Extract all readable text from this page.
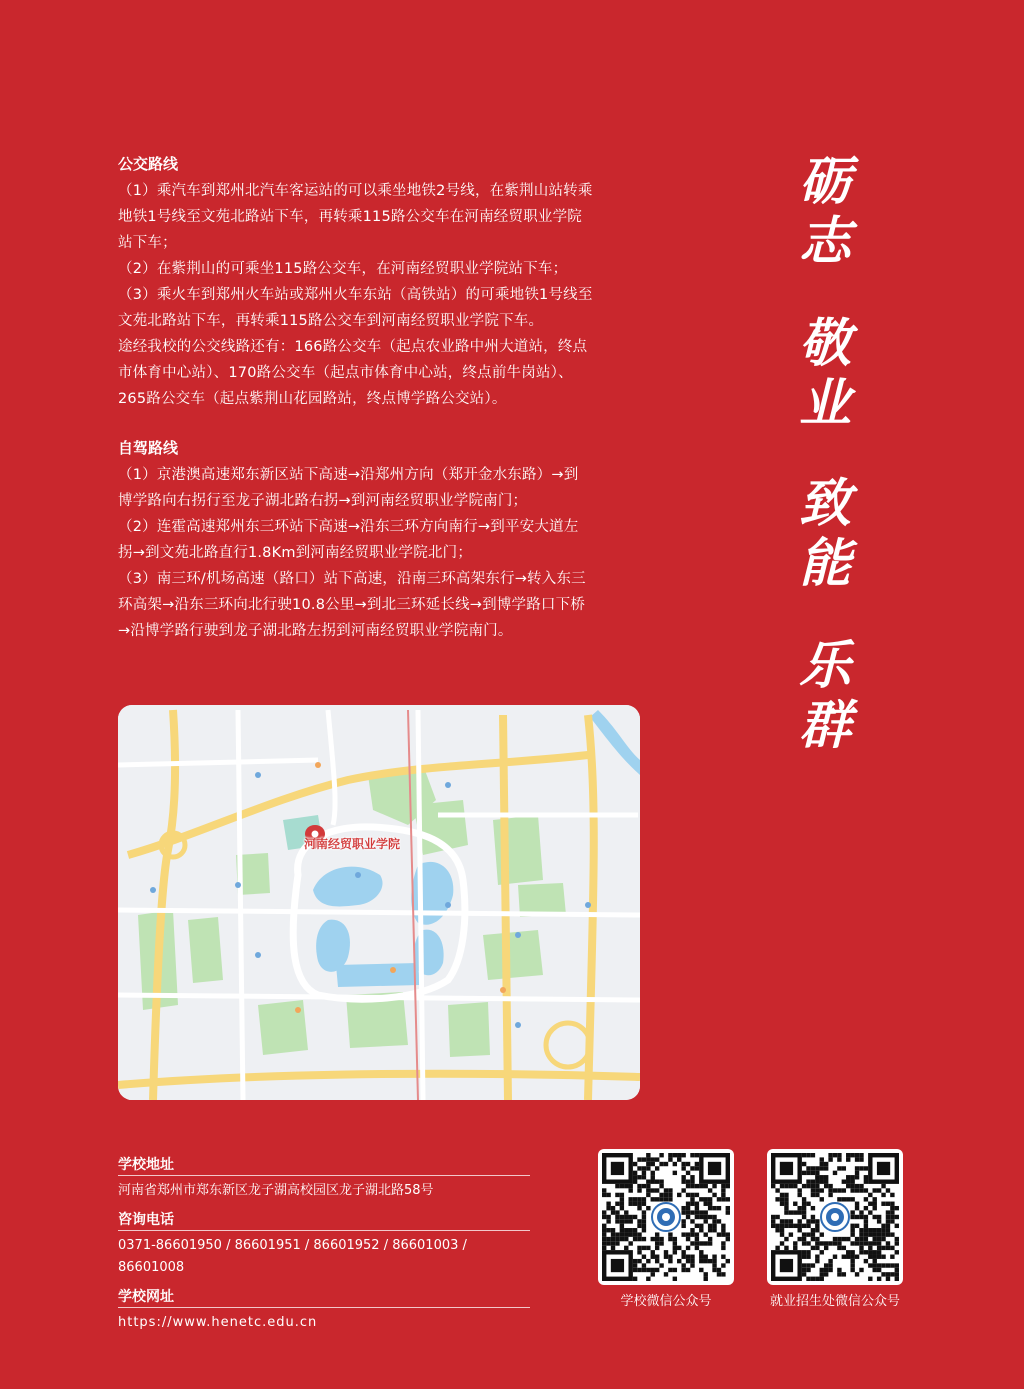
公交路线

（1）乘汽车到郑州北汽车客运站的可以乘坐地铁2号线，在紫荆山站转乘

地铁1号线至文苑北路站下车，再转乘115路公交车在河南经贸职业学院

站下车；

（2）在紫荆山的可乘坐115路公交车，在河南经贸职业学院站下车；

（3）乘火车到郑州火车站或郑州火车东站（高铁站）的可乘地铁1号线至

文苑北路站下车，再转乘115路公交车到河南经贸职业学院下车。

途经我校的公交线路还有：166路公交车（起点农业路中州大道站，终点

市体育中心站）、170路公交车（起点市体育中心站，终点前牛岗站）、

265路公交车（起点紫荆山花园路站，终点博学路公交站）。

自驾路线

（1）京港澳高速郑东新区站下高速→沿郑州方向（郑开金水东路）→到

博学路向右拐行至龙子湖北路右拐→到河南经贸职业学院南门；

（2）连霍高速郑州东三环站下高速→沿东三环方向南行→到平安大道左

拐→到文苑北路直行1.8Km到河南经贸职业学院北门；

（3）南三环/机场高速（路口）站下高速，沿南三环高架东行→转入东三

环高架→沿东三环向北行驶10.8公里→到北三环延长线→到博学路口下桥

→沿博学路行驶到龙子湖北路左拐到河南经贸职业学院南门。

砺
志
敬
业
致
能
乐
群
河南经贸职业学院

学校地址

河南省郑州市郑东新区龙子湖高校园区龙子湖北路58号

咨询电话

0371-86601950 / 86601951 / 86601952 / 86601003 / 86601008

学校网址

https://www.henetc.edu.cn

学校微信公众号	就业招生处微信公众号
